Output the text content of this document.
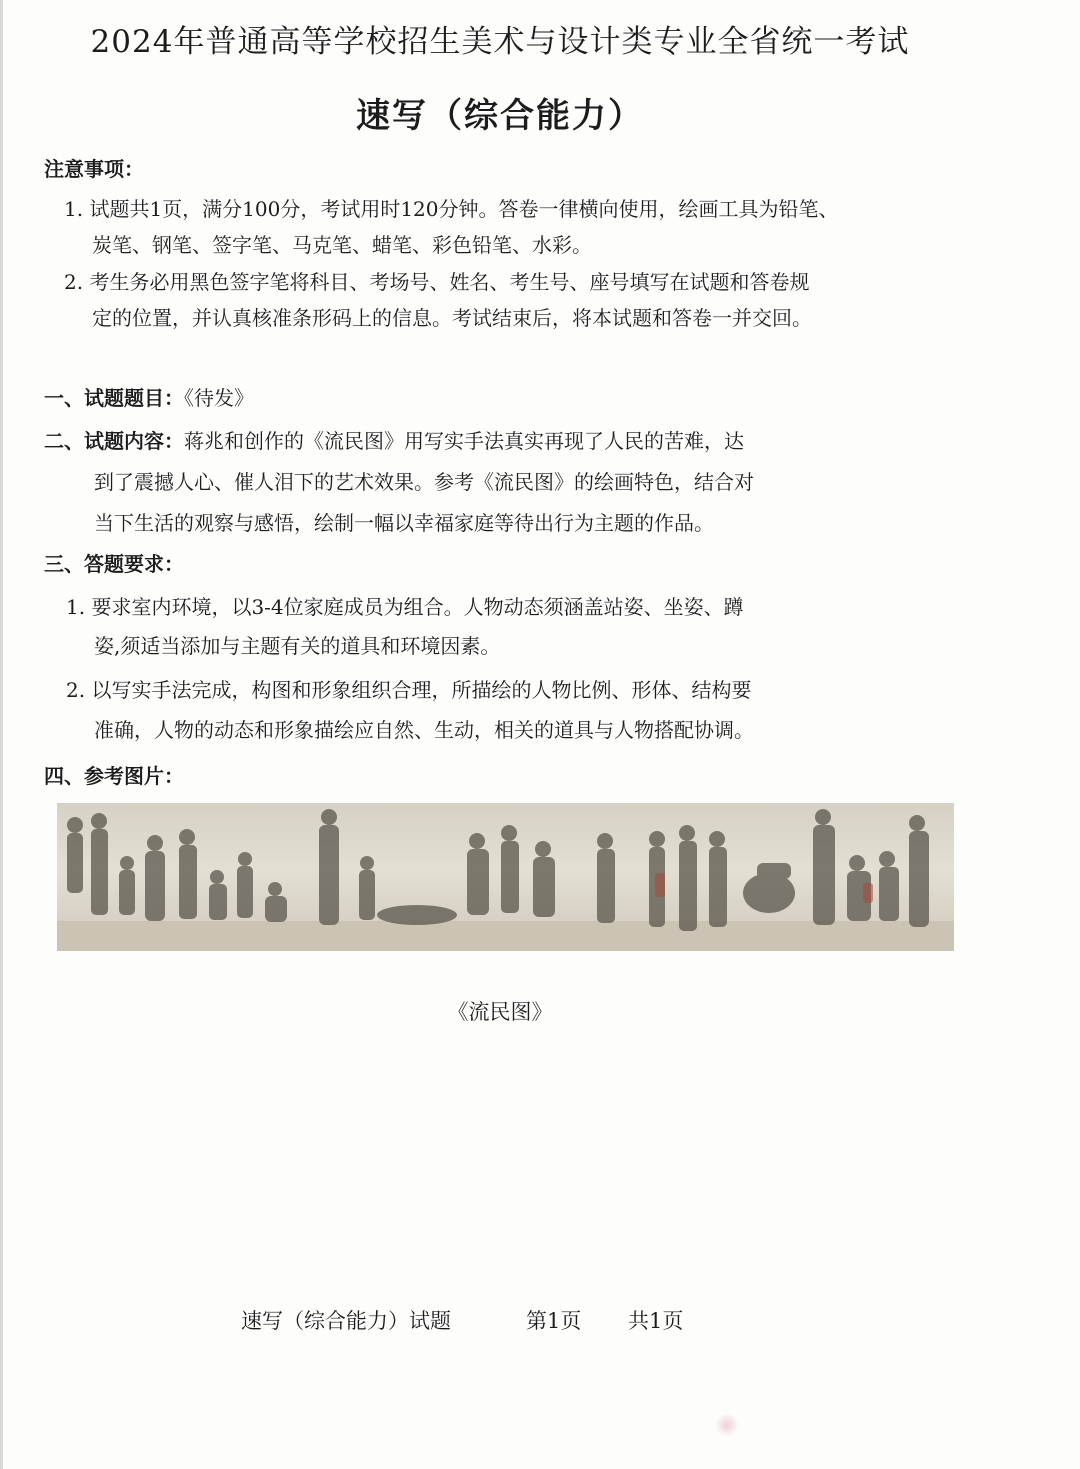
2024年普通高等学校招生美术与设计类专业全省统一考试
速写（综合能力）
注意事项：
1. 试题共1页，满分100分，考试用时120分钟。答卷一律横向使用，绘画工具为铅笔、
炭笔、钢笔、签字笔、马克笔、蜡笔、彩色铅笔、水彩。
2. 考生务必用黑色签字笔将科目、考场号、姓名、考生号、座号填写在试题和答卷规
定的位置，并认真核准条形码上的信息。考试结束后，将本试题和答卷一并交回。
一、试题题目：《待发》
二、试题内容：蒋兆和创作的《流民图》用写实手法真实再现了人民的苦难，达
到了震撼人心、催人泪下的艺术效果。参考《流民图》的绘画特色，结合对
当下生活的观察与感悟，绘制一幅以幸福家庭等待出行为主题的作品。
三、答题要求：
1. 要求室内环境，以3-4位家庭成员为组合。人物动态须涵盖站姿、坐姿、蹲
姿,须适当添加与主题有关的道具和环境因素。
2. 以写实手法完成，构图和形象组织合理，所描绘的人物比例、形体、结构要
准确，人物的动态和形象描绘应自然、生动，相关的道具与人物搭配协调。
四、参考图片：
《流民图》
速写（综合能力）试题	第1页 共1页
